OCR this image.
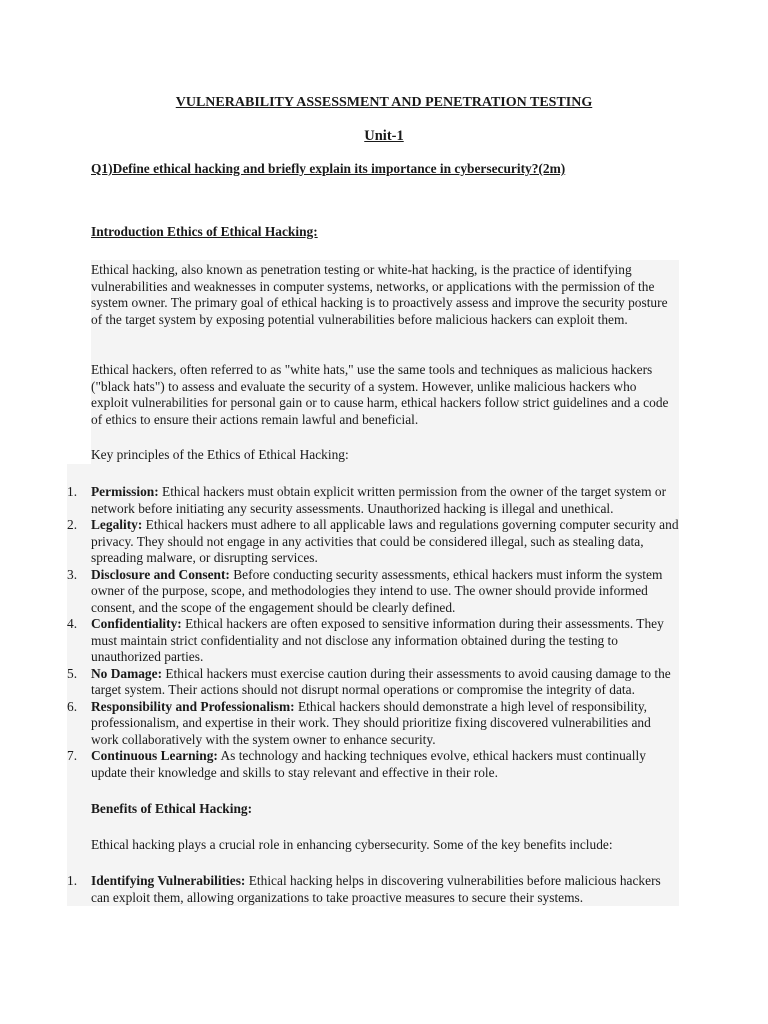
VULNERABILITY ASSESSMENT AND PENETRATION TESTING
Unit-1
Q1)Define ethical hacking and briefly explain its importance in cybersecurity?(2m)
Introduction Ethics of Ethical Hacking:
Ethical hacking, also known as penetration testing or white-hat hacking, is the practice of identifying vulnerabilities and weaknesses in computer systems, networks, or applications with the permission of the system owner. The primary goal of ethical hacking is to proactively assess and improve the security posture of the target system by exposing potential vulnerabilities before malicious hackers can exploit them.
Ethical hackers, often referred to as "white hats," use the same tools and techniques as malicious hackers ("black hats") to assess and evaluate the security of a system. However, unlike malicious hackers who exploit vulnerabilities for personal gain or to cause harm, ethical hackers follow strict guidelines and a code of ethics to ensure their actions remain lawful and beneficial.
Key principles of the Ethics of Ethical Hacking:
1. Permission: Ethical hackers must obtain explicit written permission from the owner of the target system or network before initiating any security assessments. Unauthorized hacking is illegal and unethical.
2. Legality: Ethical hackers must adhere to all applicable laws and regulations governing computer security and privacy. They should not engage in any activities that could be considered illegal, such as stealing data, spreading malware, or disrupting services.
3. Disclosure and Consent: Before conducting security assessments, ethical hackers must inform the system owner of the purpose, scope, and methodologies they intend to use. The owner should provide informed consent, and the scope of the engagement should be clearly defined.
4. Confidentiality: Ethical hackers are often exposed to sensitive information during their assessments. They must maintain strict confidentiality and not disclose any information obtained during the testing to unauthorized parties.
5. No Damage: Ethical hackers must exercise caution during their assessments to avoid causing damage to the target system. Their actions should not disrupt normal operations or compromise the integrity of data.
6. Responsibility and Professionalism: Ethical hackers should demonstrate a high level of responsibility, professionalism, and expertise in their work. They should prioritize fixing discovered vulnerabilities and work collaboratively with the system owner to enhance security.
7. Continuous Learning: As technology and hacking techniques evolve, ethical hackers must continually update their knowledge and skills to stay relevant and effective in their role.
Benefits of Ethical Hacking:
Ethical hacking plays a crucial role in enhancing cybersecurity. Some of the key benefits include:
1. Identifying Vulnerabilities: Ethical hacking helps in discovering vulnerabilities before malicious hackers can exploit them, allowing organizations to take proactive measures to secure their systems.
